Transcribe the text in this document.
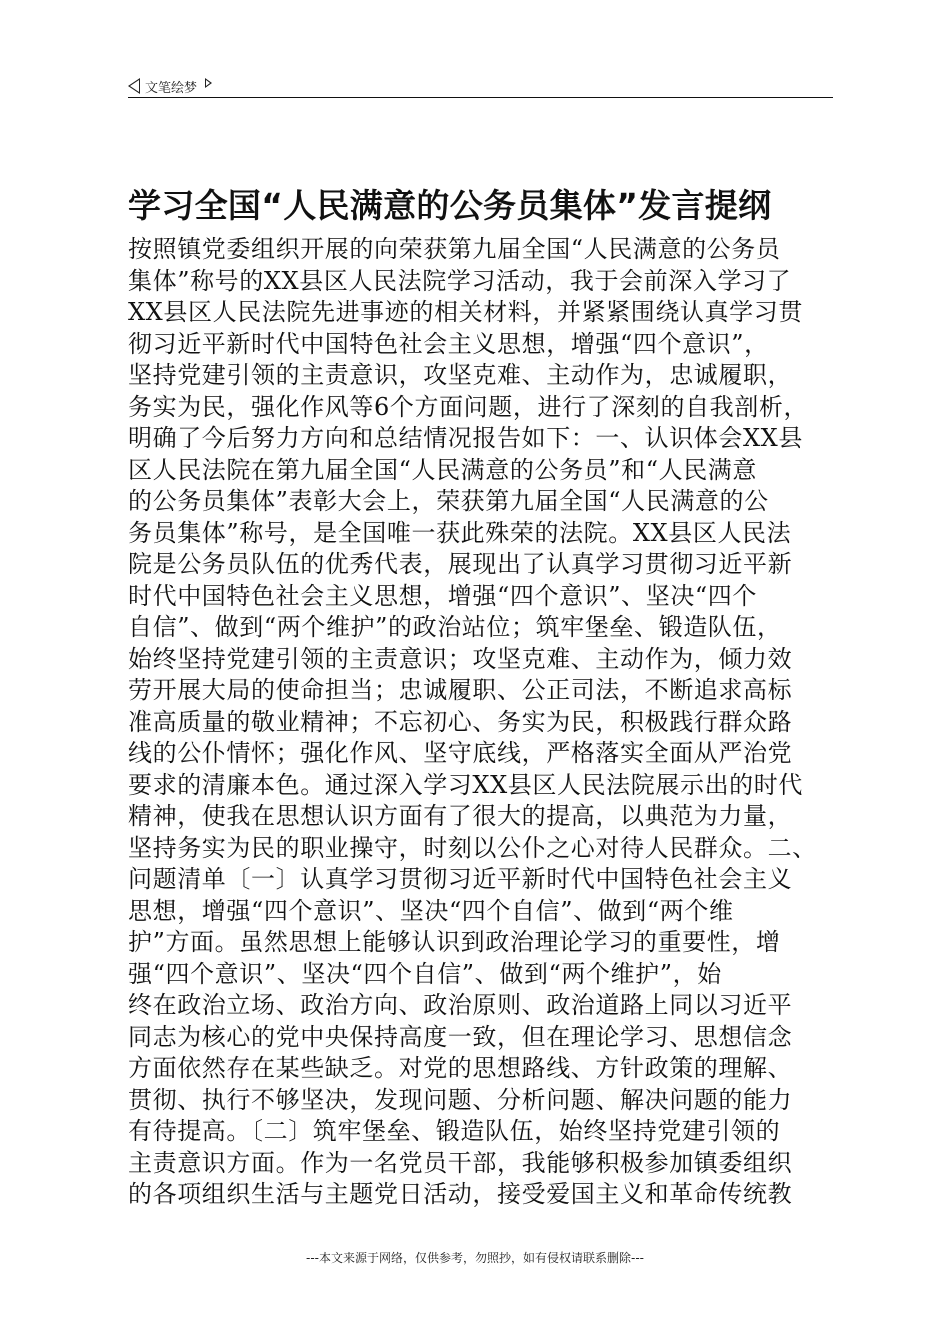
文笔绘梦
学习全国“人民满意的公务员集体”发言提纲
按照镇党委组织开展的向荣获第九届全国“人民满意的公务员
集体”称号的XX县区人民法院学习活动，我于会前深入学习了
XX县区人民法院先进事迹的相关材料，并紧紧围绕认真学习贯
彻习近平新时代中国特色社会主义思想，增强“四个意识”，
坚持党建引领的主责意识，攻坚克难、主动作为，忠诚履职，
务实为民，强化作风等6个方面问题，进行了深刻的自我剖析，
明确了今后努力方向和总结情况报告如下：一、认识体会XX县
区人民法院在第九届全国“人民满意的公务员”和“人民满意
的公务员集体”表彰大会上，荣获第九届全国“人民满意的公
务员集体”称号，是全国唯一获此殊荣的法院。XX县区人民法
院是公务员队伍的优秀代表，展现出了认真学习贯彻习近平新
时代中国特色社会主义思想，增强“四个意识”、坚决“四个
自信”、做到“两个维护”的政治站位；筑牢堡垒、锻造队伍，
始终坚持党建引领的主责意识；攻坚克难、主动作为，倾力效
劳开展大局的使命担当；忠诚履职、公正司法，不断追求高标
准高质量的敬业精神；不忘初心、务实为民，积极践行群众路
线的公仆情怀；强化作风、坚守底线，严格落实全面从严治党
要求的清廉本色。通过深入学习XX县区人民法院展示出的时代
精神，使我在思想认识方面有了很大的提高，以典范为力量，
坚持务实为民的职业操守，时刻以公仆之心对待人民群众。二、
问题清单〔一〕认真学习贯彻习近平新时代中国特色社会主义
思想，增强“四个意识”、坚决“四个自信”、做到“两个维
护”方面。虽然思想上能够认识到政治理论学习的重要性，增
强“四个意识”、坚决“四个自信”、做到“两个维护”，始
终在政治立场、政治方向、政治原则、政治道路上同以习近平
同志为核心的党中央保持高度一致，但在理论学习、思想信念
方面依然存在某些缺乏。对党的思想路线、方针政策的理解、
贯彻、执行不够坚决，发现问题、分析问题、解决问题的能力
有待提高。〔二〕筑牢堡垒、锻造队伍，始终坚持党建引领的
主责意识方面。作为一名党员干部，我能够积极参加镇委组织
的各项组织生活与主题党日活动，接受爱国主义和革命传统教
---本文来源于网络，仅供参考，勿照抄，如有侵权请联系删除---
